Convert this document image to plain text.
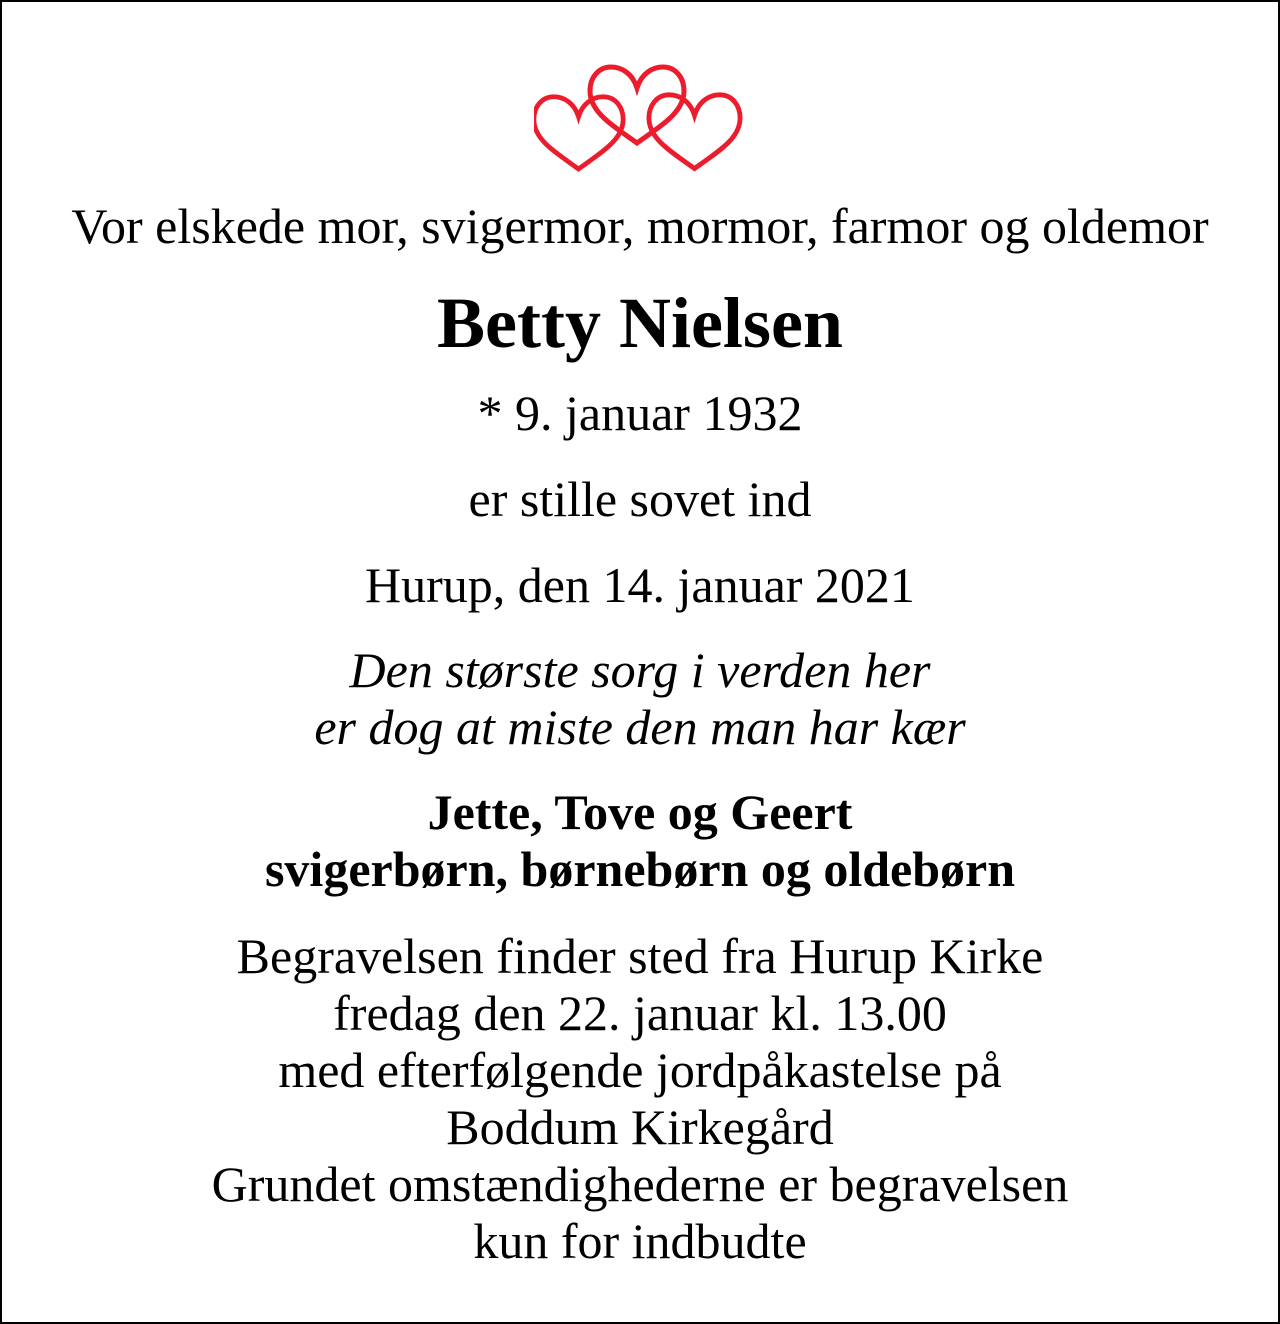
Vor elskede mor, svigermor, mormor, farmor og oldemor
Betty Nielsen
* 9. januar 1932
er stille sovet ind
Hurup, den 14. januar 2021
Den største sorg i verden her
er dog at miste den man har kær
Jette, Tove og Geert
svigerbørn, børnebørn og oldebørn
Begravelsen finder sted fra Hurup Kirke
fredag den 22. januar kl. 13.00
med efterfølgende jordpåkastelse på
Boddum Kirkegård
Grundet omstændighederne er begravelsen
kun for indbudte
